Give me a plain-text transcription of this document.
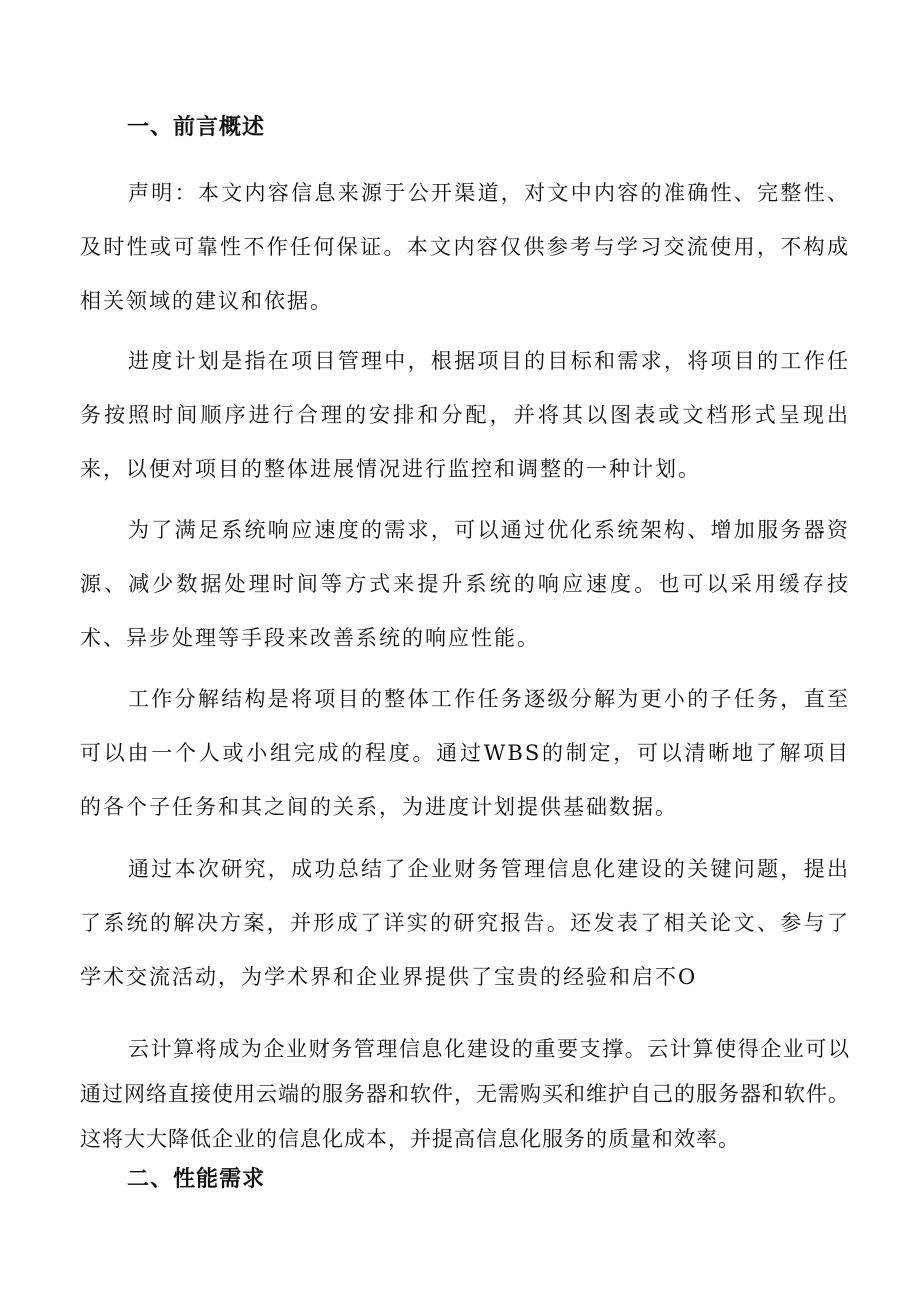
一、前言概述

声明：本文内容信息来源于公开渠道，对文中内容的准确性、完整性、及时性或可靠性不作任何保证。本文内容仅供参考与学习交流使用，不构成相关领域的建议和依据。

进度计划是指在项目管理中，根据项目的目标和需求，将项目的工作任务按照时间顺序进行合理的安排和分配，并将其以图表或文档形式呈现出来，以便对项目的整体进展情况进行监控和调整的一种计划。

为了满足系统响应速度的需求，可以通过优化系统架构、增加服务器资源、减少数据处理时间等方式来提升系统的响应速度。也可以采用缓存技术、异步处理等手段来改善系统的响应性能。

工作分解结构是将项目的整体工作任务逐级分解为更小的子任务，直至可以由一个人或小组完成的程度。通过WBS的制定，可以清晰地了解项目的各个子任务和其之间的关系，为进度计划提供基础数据。

通过本次研究，成功总结了企业财务管理信息化建设的关键问题，提出了系统的解决方案，并形成了详实的研究报告。还发表了相关论文、参与了学术交流活动，为学术界和企业界提供了宝贵的经验和启不O

云计算将成为企业财务管理信息化建设的重要支撑。云计算使得企业可以通过网络直接使用云端的服务器和软件，无需购买和维护自己的服务器和软件。这将大大降低企业的信息化成本，并提高信息化服务的质量和效率。

二、性能需求
